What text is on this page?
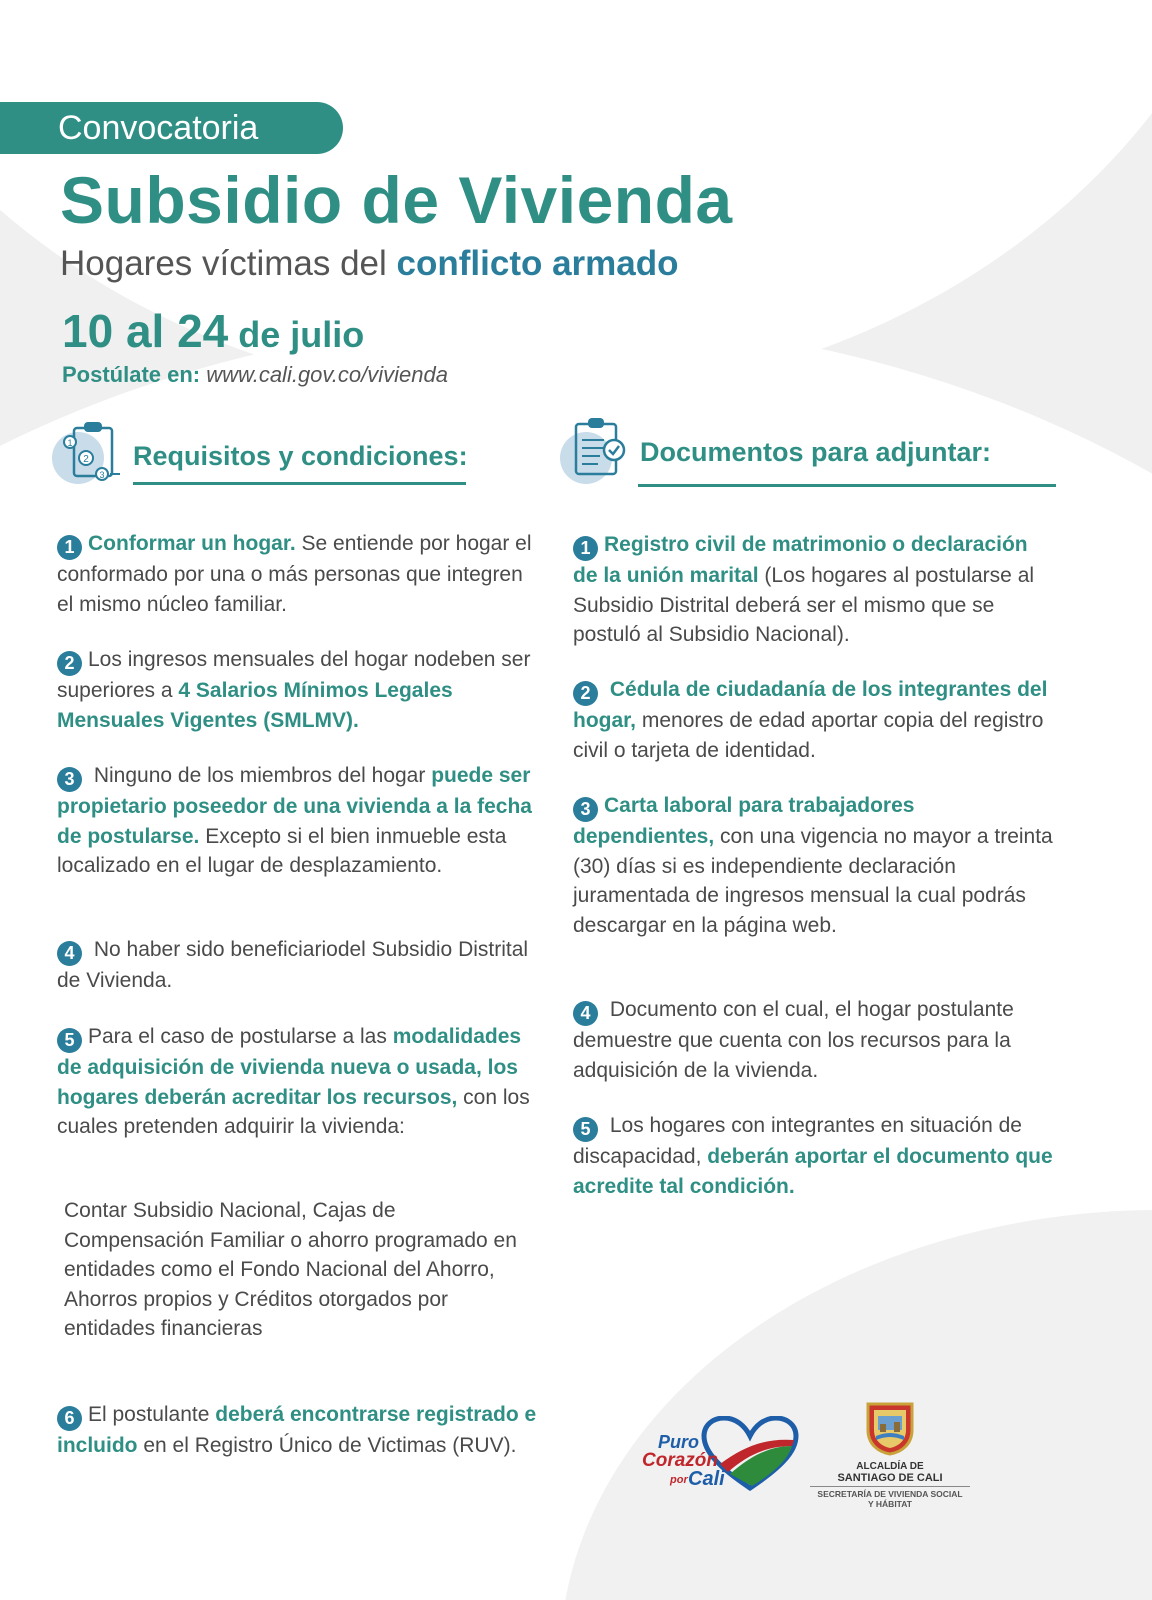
Convocatoria
Subsidio de Vivienda
Hogares víctimas del conflicto armado
10 al 24 de julio
Postúlate en: www.cali.gov.co/vivienda
1
2
3
Requisitos y condiciones:	Documentos para adjuntar:
1 Conformar un hogar. Se entiende por hogar el conformado por una o más personas que integren el mismo núcleo familiar.
2 Los ingresos mensuales del hogar nodeben ser superiores a 4 Salarios Mínimos Legales Mensuales Vigentes (SMLMV).
3 Ninguno de los miembros del hogar puede ser propietario poseedor de una vivienda a la fecha de postularse. Excepto si el bien inmueble esta localizado en el lugar de desplazamiento.
4 No haber sido beneficiariodel Subsidio Distrital de Vivienda.
5 Para el caso de postularse a las modalidades de adquisición de vivienda nueva o usada, los hogares deberán acreditar los recursos, con los cuales pretenden adquirir la vivienda:
Contar Subsidio Nacional, Cajas de Compensación Familiar o ahorro programado en entidades como el Fondo Nacional del Ahorro, Ahorros propios y Créditos otorgados por entidades financieras
6 El postulante deberá encontrarse registrado e incluido en el Registro Único de Victimas (RUV).
1 Registro civil de matrimonio o declaración de la unión marital (Los hogares al postularse al Subsidio Distrital deberá ser el mismo que se postuló al Subsidio Nacional).
2 Cédula de ciudadanía de los integrantes del hogar, menores de edad aportar copia del registro civil o tarjeta de identidad.
3 Carta laboral para trabajadores dependientes, con una vigencia no mayor a treinta (30) días si es independiente declaración juramentada de ingresos mensual la cual podrás descargar en la página web.
4 Documento con el cual, el hogar postulante demuestre que cuenta con los recursos para la adquisición de la vivienda.
5 Los hogares con integrantes en situación de discapacidad, deberán aportar el documento que acredite tal condición.
Puro
Corazón
por Cali
ALCALDÍA DE
SANTIAGO DE CALI
SECRETARÍA DE VIVIENDA SOCIAL
Y HÁBITAT
